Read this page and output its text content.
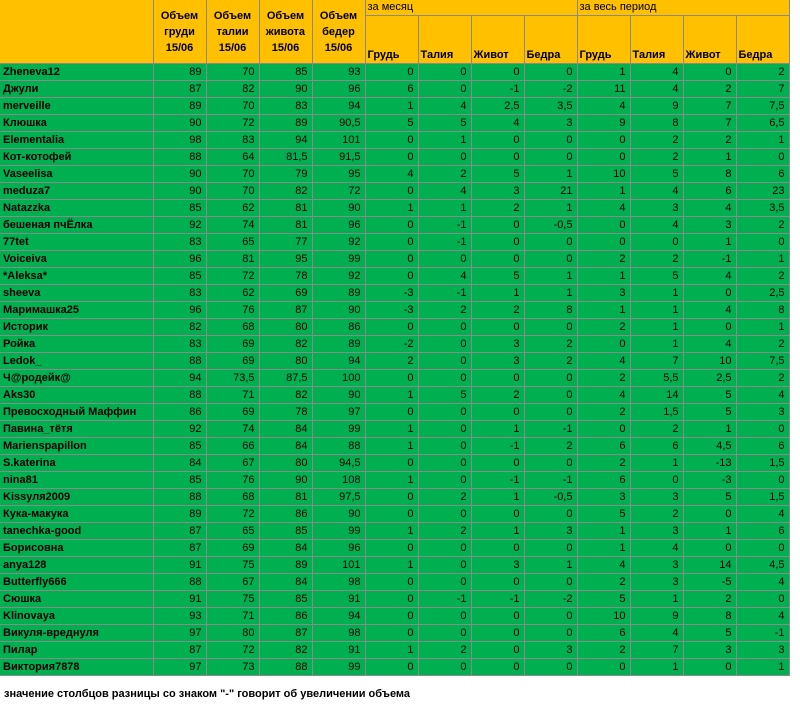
	Объем груди 15/06	Объем талии 15/06	Объем живота 15/06	Объем бедер 15/06	за месяц				за весь период			
					Грудь	Талия	Живот	Бедра	Грудь	Талия	Живот	Бедра
Zheneva12	89	70	85	93	0	0	0	0	1	4	0	2
Джули	87	82	90	96	6	0	-1	-2	11	4	2	7
merveille	89	70	83	94	1	4	2,5	3,5	4	9	7	7,5
Клюшка	90	72	89	90,5	5	5	4	3	9	8	7	6,5
Elementalia	98	83	94	101	0	1	0	0	0	2	2	1
Кот-котофей	88	64	81,5	91,5	0	0	0	0	0	2	1	0
Vaseelisa	90	70	79	95	4	2	5	1	10	5	8	6
meduza7	90	70	82	72	0	4	3	21	1	4	6	23
Natazzka	85	62	81	90	1	1	2	1	4	3	4	3,5
бешеная пчЁлка	92	74	81	96	0	-1	0	-0,5	0	4	3	2
77tet	83	65	77	92	0	-1	0	0	0	0	1	0
Voiceiva	96	81	95	99	0	0	0	0	2	2	-1	1
*Aleksa*	85	72	78	92	0	4	5	1	1	5	4	2
sheeva	83	62	69	89	-3	-1	1	1	3	1	0	2,5
Маримашка25	96	76	87	90	-3	2	2	8	1	1	4	8
Историк	82	68	80	86	0	0	0	0	2	1	0	1
Ройка	83	69	82	89	-2	0	3	2	0	1	4	2
Ledok_	88	69	80	94	2	0	3	2	4	7	10	7,5
Ч@родейк@	94	73,5	87,5	100	0	0	0	0	2	5,5	2,5	2
Aks30	88	71	82	90	1	5	2	0	4	14	5	4
Превосходный Маффин	86	69	78	97	0	0	0	0	2	1,5	5	3
Павина_тётя	92	74	84	99	1	0	1	-1	0	2	1	0
Marienspapillon	85	66	84	88	1	0	-1	2	6	6	4,5	6
S.katerina	84	67	80	94,5	0	0	0	0	2	1	-13	1,5
nina81	85	76	90	108	1	0	-1	-1	6	0	-3	0
Kissуля2009	88	68	81	97,5	0	2	1	-0,5	3	3	5	1,5
Кука-макука	89	72	86	90	0	0	0	0	5	2	0	4
tanechka-good	87	65	85	99	1	2	1	3	1	3	1	6
Борисовна	87	69	84	96	0	0	0	0	1	4	0	0
anya128	91	75	89	101	1	0	3	1	4	3	14	4,5
Butterfly666	88	67	84	98	0	0	0	0	2	3	-5	4
Сюшка	91	75	85	91	0	-1	-1	-2	5	1	2	0
Klinovaya	93	71	86	94	0	0	0	0	10	9	8	4
Викуля-вреднуля	97	80	87	98	0	0	0	0	6	4	5	-1
Пилар	87	72	82	91	1	2	0	3	2	7	3	3
Виктория7878	97	73	88	99	0	0	0	0	0	1	0	1
значение столбцов разницы со знаком "-" говорит об увеличении объема
